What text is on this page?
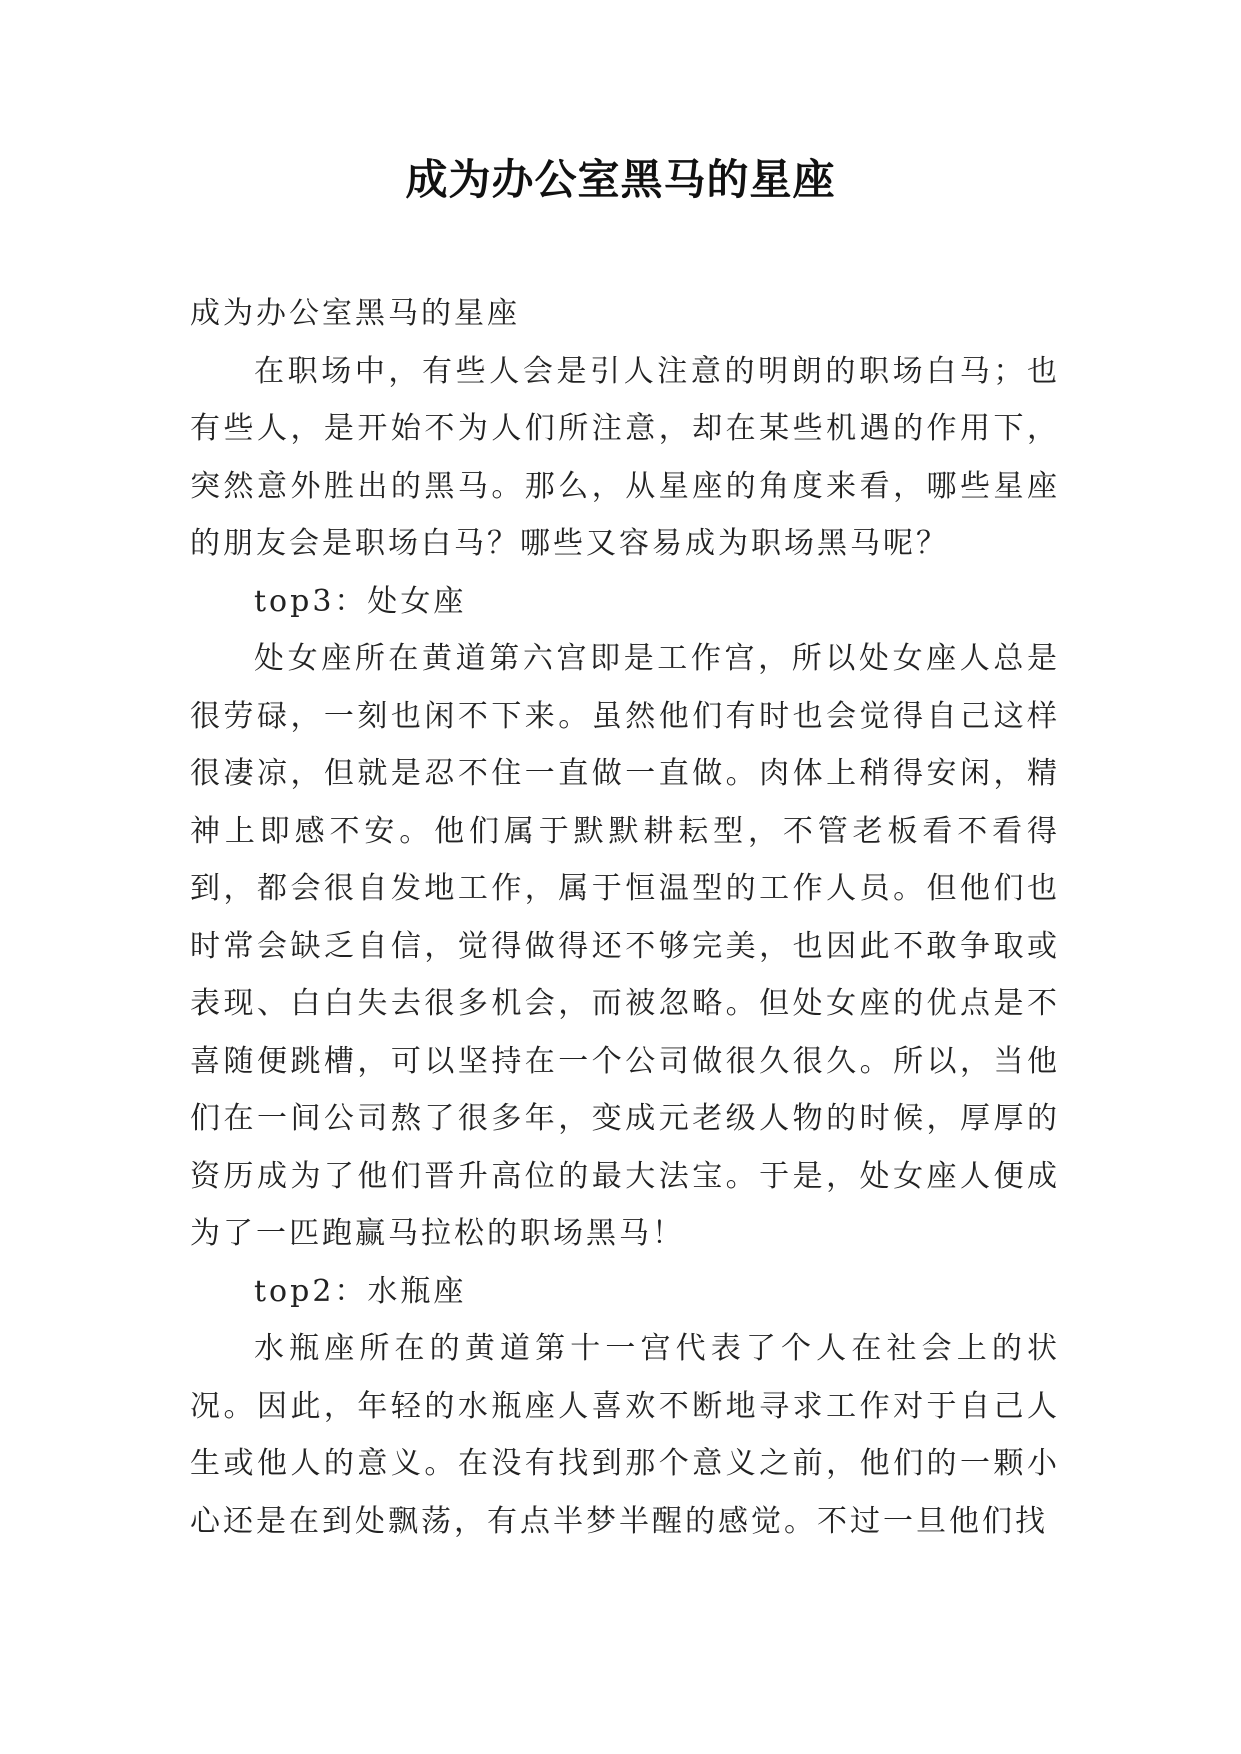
成为办公室黑马的星座

成为办公室黑马的星座

在职场中，有些人会是引人注意的明朗的职场白马；也有些人，是开始不为人们所注意，却在某些机遇的作用下，突然意外胜出的黑马。那么，从星座的角度来看，哪些星座的朋友会是职场白马？哪些又容易成为职场黑马呢？

top3：处女座

处女座所在黄道第六宫即是工作宫，所以处女座人总是很劳碌，一刻也闲不下来。虽然他们有时也会觉得自己这样很凄凉，但就是忍不住一直做一直做。肉体上稍得安闲，精神上即感不安。他们属于默默耕耘型，不管老板看不看得到，都会很自发地工作，属于恒温型的工作人员。但他们也时常会缺乏自信，觉得做得还不够完美，也因此不敢争取或表现、白白失去很多机会，而被忽略。但处女座的优点是不喜随便跳槽，可以坚持在一个公司做很久很久。所以，当他们在一间公司熬了很多年，变成元老级人物的时候，厚厚的资历成为了他们晋升高位的最大法宝。于是，处女座人便成为了一匹跑赢马拉松的职场黑马！

top2：水瓶座

水瓶座所在的黄道第十一宫代表了个人在社会上的状况。因此，年轻的水瓶座人喜欢不断地寻求工作对于自己人生或他人的意义。在没有找到那个意义之前，他们的一颗小心还是在到处飘荡，有点半梦半醒的感觉。不过一旦他们找
